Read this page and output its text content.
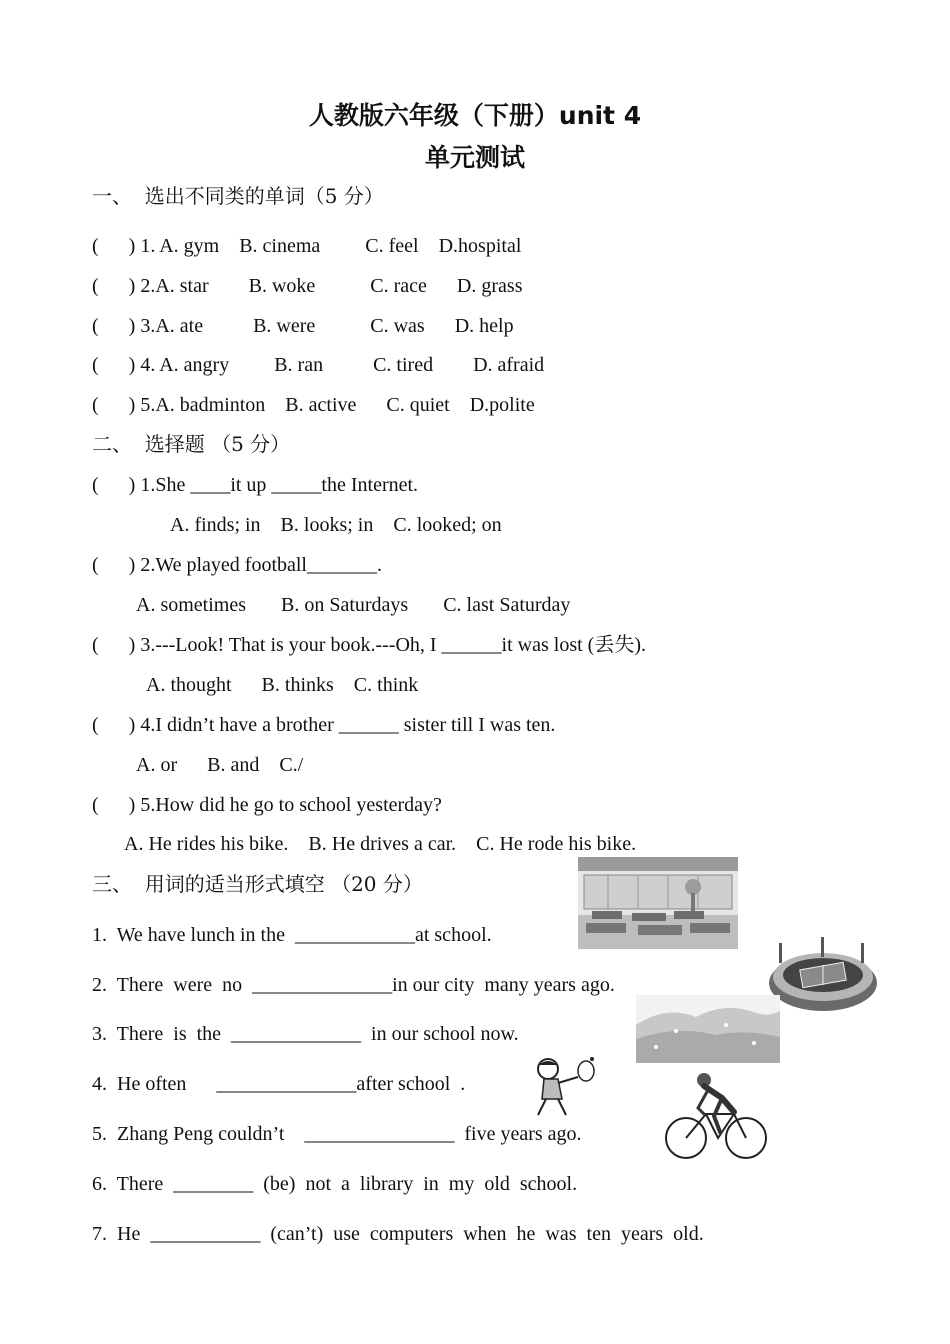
人教版六年级（下册）unit 4
单元测试
一、  选出不同类的单词（5 分）
(      ) 1. A. gym    B. cinema         C. feel    D.hospital
(      ) 2.A. star        B. woke           C. race      D. grass
(      ) 3.A. ate          B. were           C. was      D. help
(      ) 4. A. angry         B. ran          C. tired        D. afraid
(      ) 5.A. badminton    B. active      C. quiet    D.polite
二、  选择题 （5 分）
(      ) 1.She ____it up _____the Internet.
A. finds; in    B. looks; in    C. looked; on
(      ) 2.We played football_______.
A. sometimes       B. on Saturdays       C. last Saturday
(      ) 3.---Look! That is your book.---Oh, I ______it was lost (丢失).
A. thought      B. thinks    C. think
(      ) 4.I didn’t have a brother ______ sister till I was ten.
A. or      B. and    C./
(      ) 5.How did he go to school yesterday?
A. He rides his bike.    B. He drives a car.    C. He rode his bike.
三、  用词的适当形式填空 （20 分）
1.  We have lunch in the  ____________at school.
2.  There  were  no  ______________in our city  many years ago.
3.  There  is  the  _____________  in our school now.
4.  He often      ______________after school  .
5.  Zhang Peng couldn’t    _______________  five years ago.
6.  There  ________  (be)  not  a  library  in  my  old  school.
7.  He  ___________  (can’t)  use  computers  when  he  was  ten  years  old.
